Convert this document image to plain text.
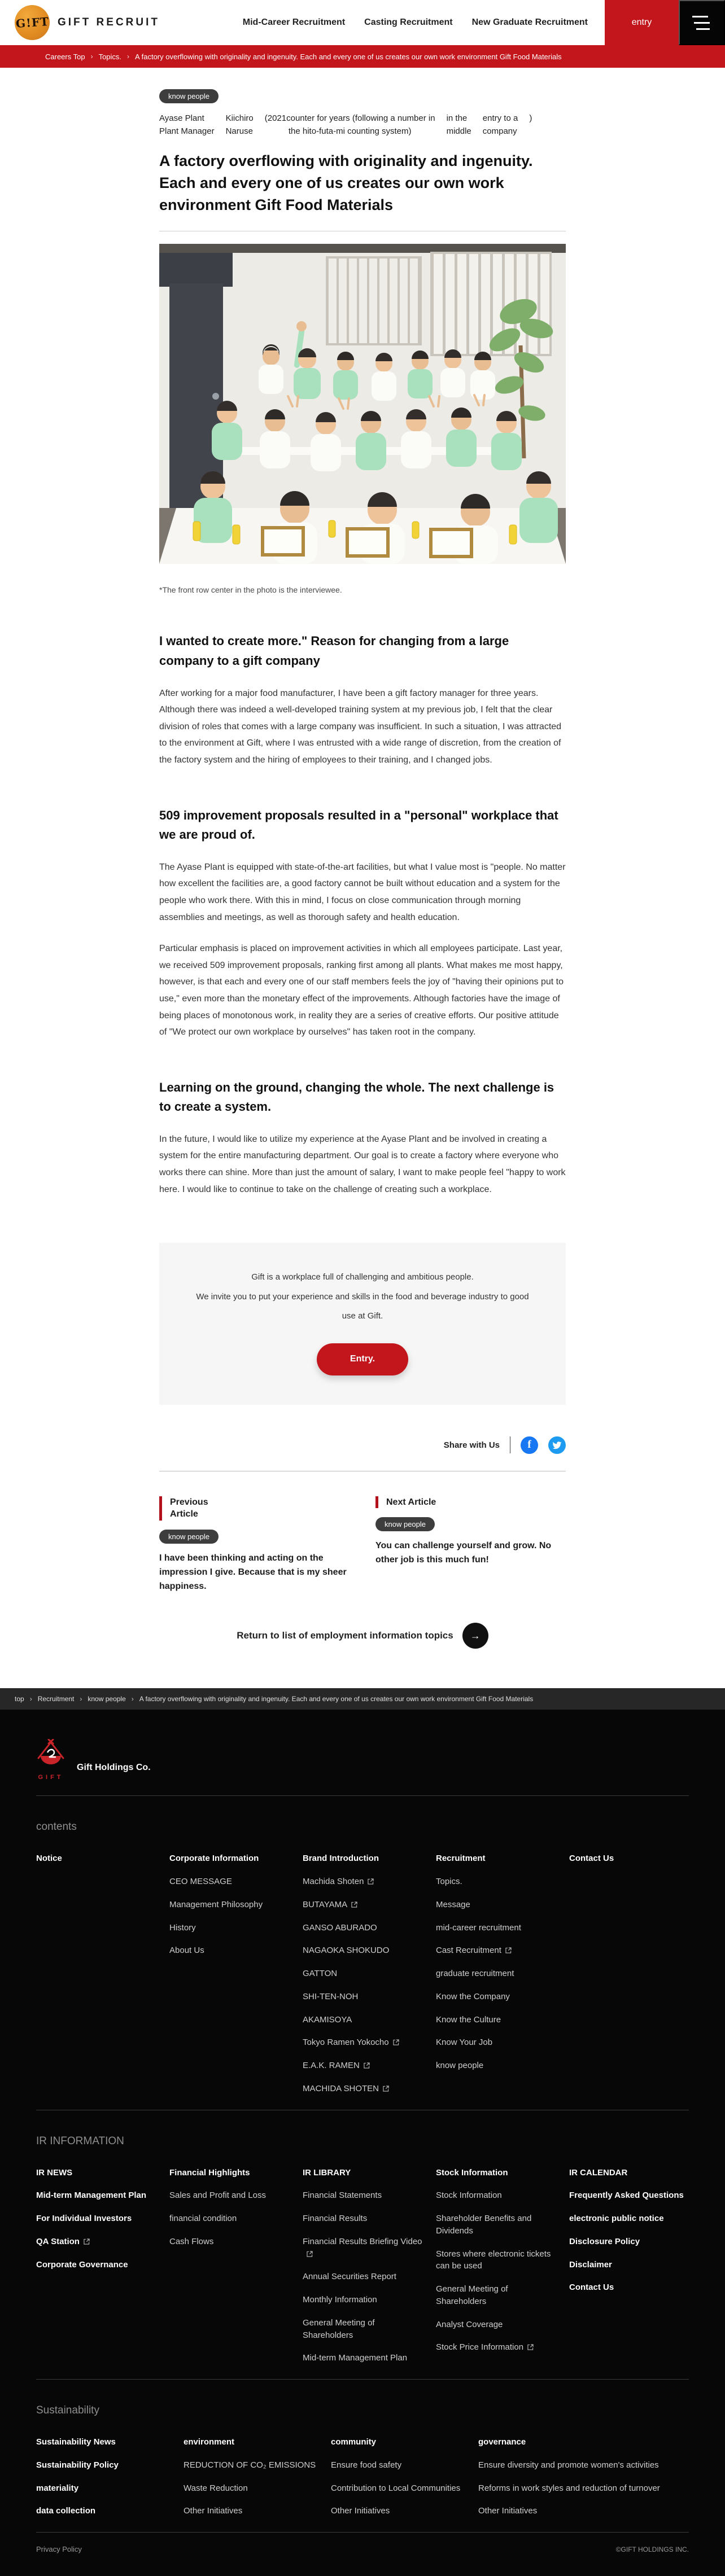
G!FT GIFT RECRUIT	Mid-Career Recruitment Casting Recruitment New Graduate Recruitment	entry
Careers Top › Topics. › A factory overflowing with originality and ingenuity. Each and every one of us creates our own work environment Gift Food Materials
know people
Ayase Plant
Plant Manager
Kiichiro
Naruse
(2021counter for years (following a number in
the hito-futa-mi counting system)
in the
middle
entry to a
company
)
A factory overflowing with originality and ingenuity. Each and every one of us creates our own work environment Gift Food Materials

*The front row center in the photo is the interviewee.

I wanted to create more." Reason for changing from a large company to a gift company

After working for a major food manufacturer, I have been a gift factory manager for three years. Although there was indeed a well-developed training system at my previous job, I felt that the clear division of roles that comes with a large company was insufficient. In such a situation, I was attracted to the environment at Gift, where I was entrusted with a wide range of discretion, from the creation of the factory system and the hiring of employees to their training, and I changed jobs.

509 improvement proposals resulted in a "personal" workplace that we are proud of.

The Ayase Plant is equipped with state-of-the-art facilities, but what I value most is "people. No matter how excellent the facilities are, a good factory cannot be built without education and a system for the people who work there. With this in mind, I focus on close communication through morning assemblies and meetings, as well as thorough safety and health education.

Particular emphasis is placed on improvement activities in which all employees participate. Last year, we received 509 improvement proposals, ranking first among all plants. What makes me most happy, however, is that each and every one of our staff members feels the joy of "having their opinions put to use," even more than the monetary effect of the improvements. Although factories have the image of being places of monotonous work, in reality they are a series of creative efforts. Our positive attitude of "We protect our own workplace by ourselves" has taken root in the company.

Learning on the ground, changing the whole. The next challenge is to create a system.

In the future, I would like to utilize my experience at the Ayase Plant and be involved in creating a system for the entire manufacturing department. Our goal is to create a factory where everyone who works there can shine. More than just the amount of salary, I want to make people feel "happy to work here. I would like to continue to take on the challenge of creating such a workplace.

Gift is a workplace full of challenging and ambitious people.

We invite you to put your experience and skills in the food and beverage industry to good use at Gift.

Entry.
Share with Us	f
Previous Article
know people
I have been thinking and acting on the impression I give. Because that is my sheer happiness.
Next Article
know people
You can challenge yourself and grow. No other job is this much fun!
Return to list of employment information topics	→
top › Recruitment › know people › A factory overflowing with originality and ingenuity. Each and every one of us creates our own work environment Gift Food Materials
GIFT
Gift Holdings Co.
contents
Notice	Corporate Information
CEO MESSAGE
Management Philosophy
History
About Us
Brand Introduction
Machida Shoten
BUTAYAMA
GANSO ABURADO
NAGAOKA SHOKUDO
GATTON
SHI-TEN-NOH
AKAMISOYA
Tokyo Ramen Yokocho
E.A.K. RAMEN
MACHIDA SHOTEN
Recruitment
Topics.
Message
mid-career recruitment
Cast Recruitment
graduate recruitment
Know the Company
Know the Culture
Know Your Job
know people
Contact Us
IR INFORMATION
IR NEWS
Mid-term Management Plan
For Individual Investors
QA Station
Corporate Governance
Financial Highlights
Sales and Profit and Loss
financial condition
Cash Flows
IR LIBRARY
Financial Statements
Financial Results
Financial Results Briefing Video
Annual Securities Report
Monthly Information
General Meeting of Shareholders
Mid-term Management Plan
Stock Information
Stock Information
Shareholder Benefits and Dividends
Stores where electronic tickets can be used
General Meeting of Shareholders
Analyst Coverage
Stock Price Information
IR CALENDAR
Frequently Asked Questions
electronic public notice
Disclosure Policy
Disclaimer
Contact Us
Sustainability
Sustainability News
Sustainability Policy
materiality
data collection
environment
REDUCTION OF CO₂ EMISSIONS
Waste Reduction
Other Initiatives
community
Ensure food safety
Contribution to Local Communities
Other Initiatives
governance
Ensure diversity and promote women's activities
Reforms in work styles and reduction of turnover
Other Initiatives
Privacy Policy	©GIFT HOLDINGS INC.
